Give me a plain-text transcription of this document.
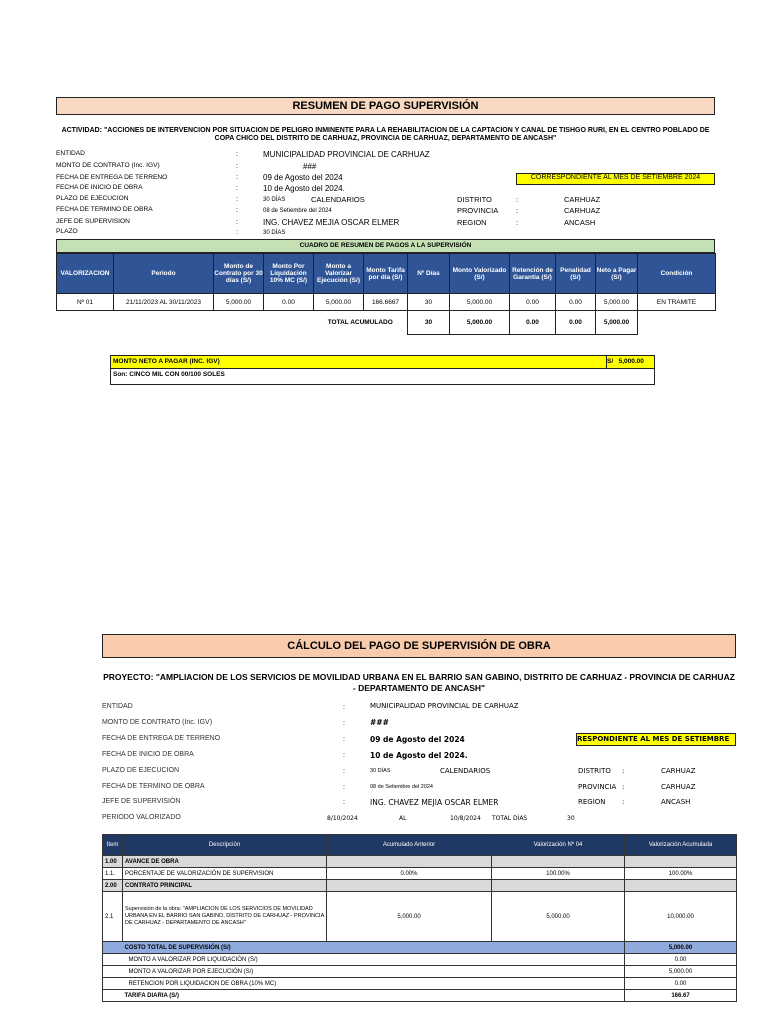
RESUMEN DE PAGO SUPERVISIÓN
ACTIVIDAD: "ACCIONES DE INTERVENCION POR SITUACION DE PELIGRO INMINENTE PARA LA REHABILITACION DE LA CAPTACION Y CANAL DE TISHGO RURI, EN EL CENTRO POBLADO DE COPA CHICO DEL DISTRITO DE CARHUAZ, PROVINCIA DE CARHUAZ, DEPARTAMENTO DE ANCASH"
ENTIDAD	:	MUNICIPALIDAD PROVINCIAL DE CARHUAZ
MONTO DE CONTRATO (Inc. IGV)	:	###
FECHA DE ENTREGA DE TERRENO	:	09 de Agosto del 2024
FECHA DE INICIO DE OBRA	:	10 de Agosto del 2024.
PLAZO DE EJECUCION	:	30 DÍAS	CALENDARIOS	DISTRITO	:	CARHUAZ
FECHA DE TERMINO DE OBRA	:	08 de Setiembre del 2024	PROVINCIA :	CARHUAZ
JEFE DE SUPERVISION	:	ING. CHAVEZ MEJIA OSCAR ELMER	REGION	:	ANCASH
PLAZO	:	30 DÍAS
CORRESPONDIENTE AL MES DE SETIEMBRE 2024
CUADRO DE RESUMEN DE PAGOS A LA SUPERVISIÓN
VALORIZACION	Periodo	Monto de Contrato por 30 días (S/)	Monto Por Liquidación 10% MC (S/)	Monto a Valorizar Ejecución (S/)	Monto Tarifa por día (S/)	Nº Días	Monto Valorizado (S/)	Retención de Garantía (S/)	Penalidad (S/)	Neto a Pagar (S/)	Condición
Nº 01	21/11/2023 AL 30/11/2023	5,000.00	0.00	5,000.00	166.6667	30	5,000.00	0.00	0.00	5,000.00	EN TRAMITE
				TOTAL ACUMULADO		30	5,000.00	0.00	0.00	5,000.00	
MONTO NETO A PAGAR (INC. IGV)	S/ 5,000.00
Son: CINCO MIL CON 00/100 SOLES
CÁLCULO DEL PAGO DE SUPERVISIÓN DE OBRA
PROYECTO: "AMPLIACION DE LOS SERVICIOS DE MOVILIDAD URBANA EN EL BARRIO SAN GABINO, DISTRITO DE CARHUAZ - PROVINCIA DE CARHUAZ - DEPARTAMENTO DE ANCASH"
ENTIDAD	:	MUNICIPALIDAD PROVINCIAL DE CARHUAZ
MONTO DE CONTRATO (Inc. IGV)	:	###
FECHA DE ENTREGA DE TERRENO	:	09 de Agosto del 2024
FECHA DE INICIO DE OBRA	:	10 de Agosto del 2024.
PLAZO DE EJECUCION	:	30 DÍAS	CALENDARIOS	DISTRITO :	CARHUAZ
FECHA DE TERMINO DE OBRA	:	08 de Setiembre del 2024	PROVINCIA :	CARHUAZ
JEFE DE SUPERVISIÓN	:	ING. CHAVEZ MEJIA OSCAR ELMER	REGION :	ANCASH
PERIODO VALORIZADO	8/10/2024	AL	10/8/2024 TOTAL DÍAS	30
RESPONDIENTE AL MES DE SETIEMBRE
Item	Descripción	Acumulado Anterior	Valorización Nº 04	Valorización Acumulada
1.00	AVANCE DE OBRA			
1.1.	PORCENTAJE DE VALORIZACIÓN DE SUPERVISION	0.00%	100.00%	100.00%
2.00	CONTRATO PRINCIPAL			
2.1	Supervisión de la obra: "AMPLIACION DE LOS SERVICIOS DE MOVILIDAD URBANA EN EL BARRIO SAN GABINO, DISTRITO DE CARHUAZ - PROVINCIA DE CARHUAZ - DEPARTAMENTO DE ANCASH"	5,000.00	5,000.00	10,000.00
	COSTO TOTAL DE SUPERVISIÓN (S/)			5,000.00
	MONTO A VALORIZAR POR LIQUIDACIÓN (S/)			0.00
	MONTO A VALORIZAR POR EJECUCIÓN (S/)			5,000.00
	RETENCION POR LIQUIDACION DE OBRA (10% MC)			0.00
	TARIFA DIARIA (S/)			166.67
